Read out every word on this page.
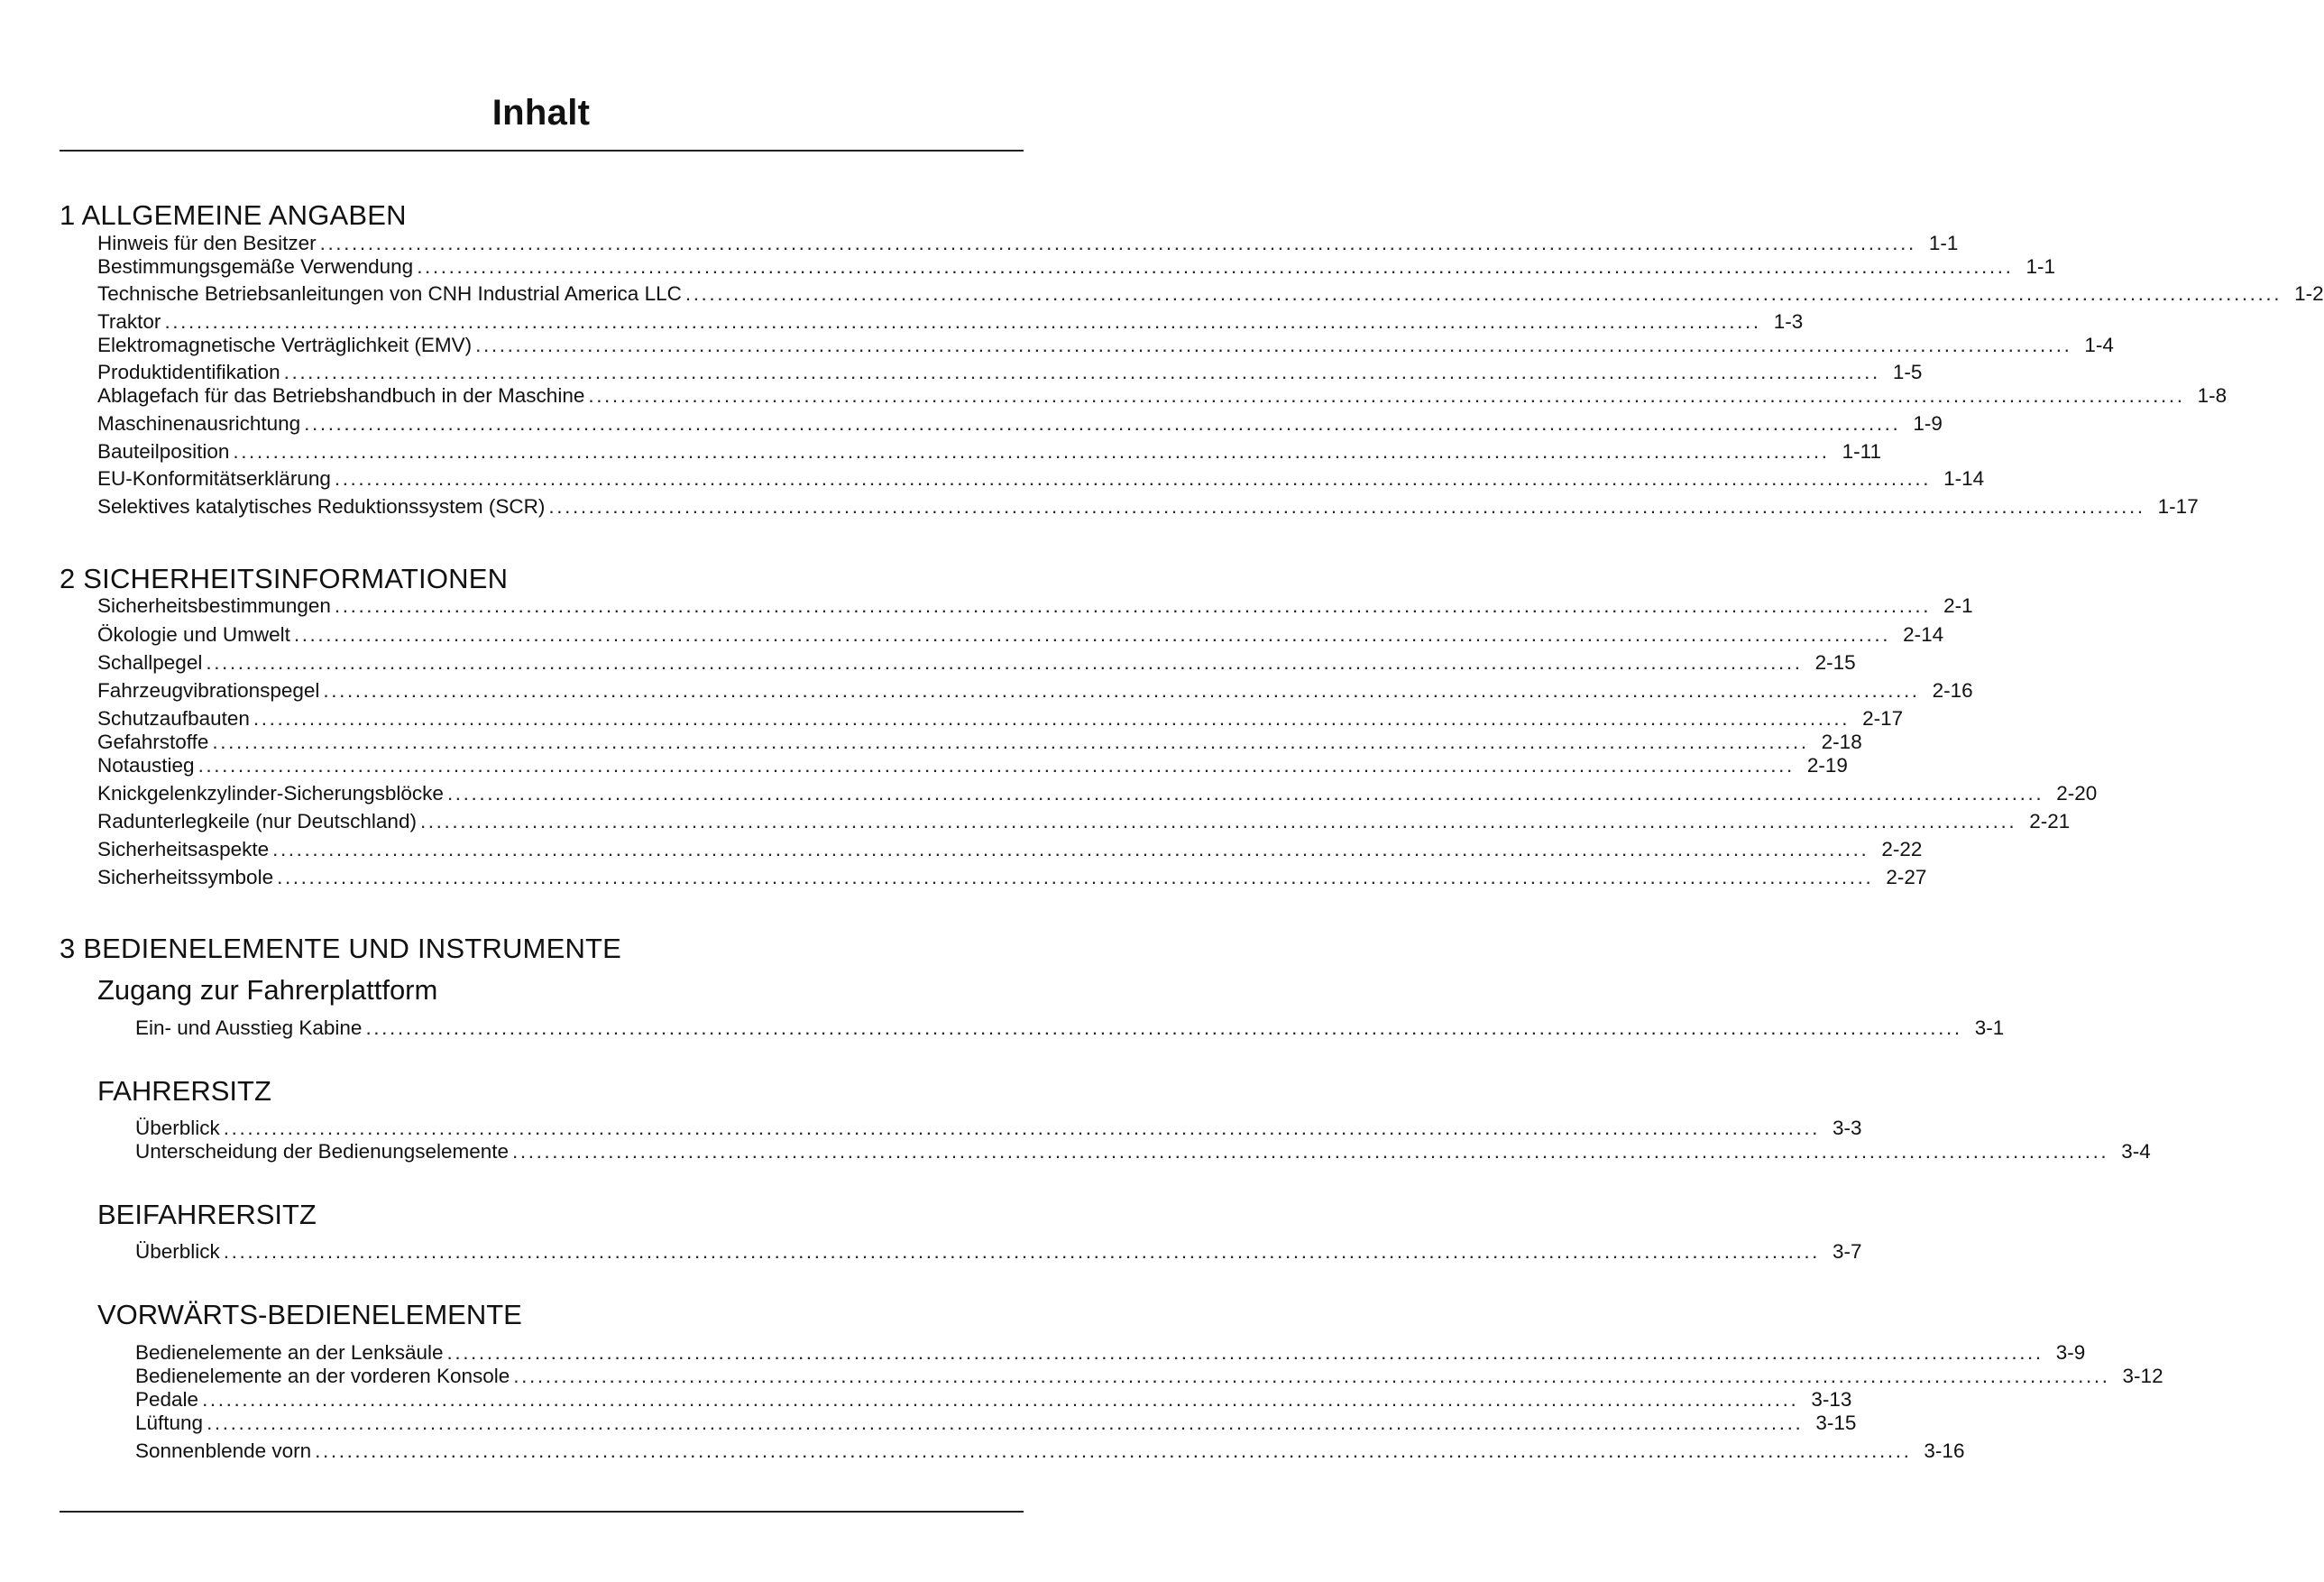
Inhalt
1 ALLGEMEINE ANGABEN
Hinweis für den Besitzer ........................................................................................................................................................................................................ 1-1
Bestimmungsgemäße Verwendung ........................................................................................................................................................................................................ 1-1
Technische Betriebsanleitungen von CNH Industrial America LLC ........................................................................................................................................................................................................ 1-2
Traktor ........................................................................................................................................................................................................ 1-3
Elektromagnetische Verträglichkeit (EMV) ........................................................................................................................................................................................................ 1-4
Produktidentifikation ........................................................................................................................................................................................................ 1-5
Ablagefach für das Betriebshandbuch in der Maschine ........................................................................................................................................................................................................ 1-8
Maschinenausrichtung ........................................................................................................................................................................................................ 1-9
Bauteilposition ........................................................................................................................................................................................................ 1-11
EU-Konformitätserklärung ........................................................................................................................................................................................................ 1-14
Selektives katalytisches Reduktionssystem (SCR) ........................................................................................................................................................................................................ 1-17
2 SICHERHEITSINFORMATIONEN
Sicherheitsbestimmungen ........................................................................................................................................................................................................ 2-1
Ökologie und Umwelt ........................................................................................................................................................................................................ 2-14
Schallpegel ........................................................................................................................................................................................................ 2-15
Fahrzeugvibrationspegel ........................................................................................................................................................................................................ 2-16
Schutzaufbauten ........................................................................................................................................................................................................ 2-17
Gefahrstoffe ........................................................................................................................................................................................................ 2-18
Notaustieg ........................................................................................................................................................................................................ 2-19
Knickgelenkzylinder-Sicherungsblöcke ........................................................................................................................................................................................................ 2-20
Radunterlegkeile (nur Deutschland) ........................................................................................................................................................................................................ 2-21
Sicherheitsaspekte ........................................................................................................................................................................................................ 2-22
Sicherheitssymbole ........................................................................................................................................................................................................ 2-27
3 BEDIENELEMENTE UND INSTRUMENTE
Zugang zur Fahrerplattform
Ein- und Ausstieg Kabine ........................................................................................................................................................................................................ 3-1
FAHRERSITZ
Überblick ........................................................................................................................................................................................................ 3-3
Unterscheidung der Bedienungselemente ........................................................................................................................................................................................................ 3-4
BEIFAHRERSITZ
Überblick ........................................................................................................................................................................................................ 3-7
VORWÄRTS-BEDIENELEMENTE
Bedienelemente an der Lenksäule ........................................................................................................................................................................................................ 3-9
Bedienelemente an der vorderen Konsole ........................................................................................................................................................................................................ 3-12
Pedale ........................................................................................................................................................................................................ 3-13
Lüftung ........................................................................................................................................................................................................ 3-15
Sonnenblende vorn ........................................................................................................................................................................................................ 3-16
